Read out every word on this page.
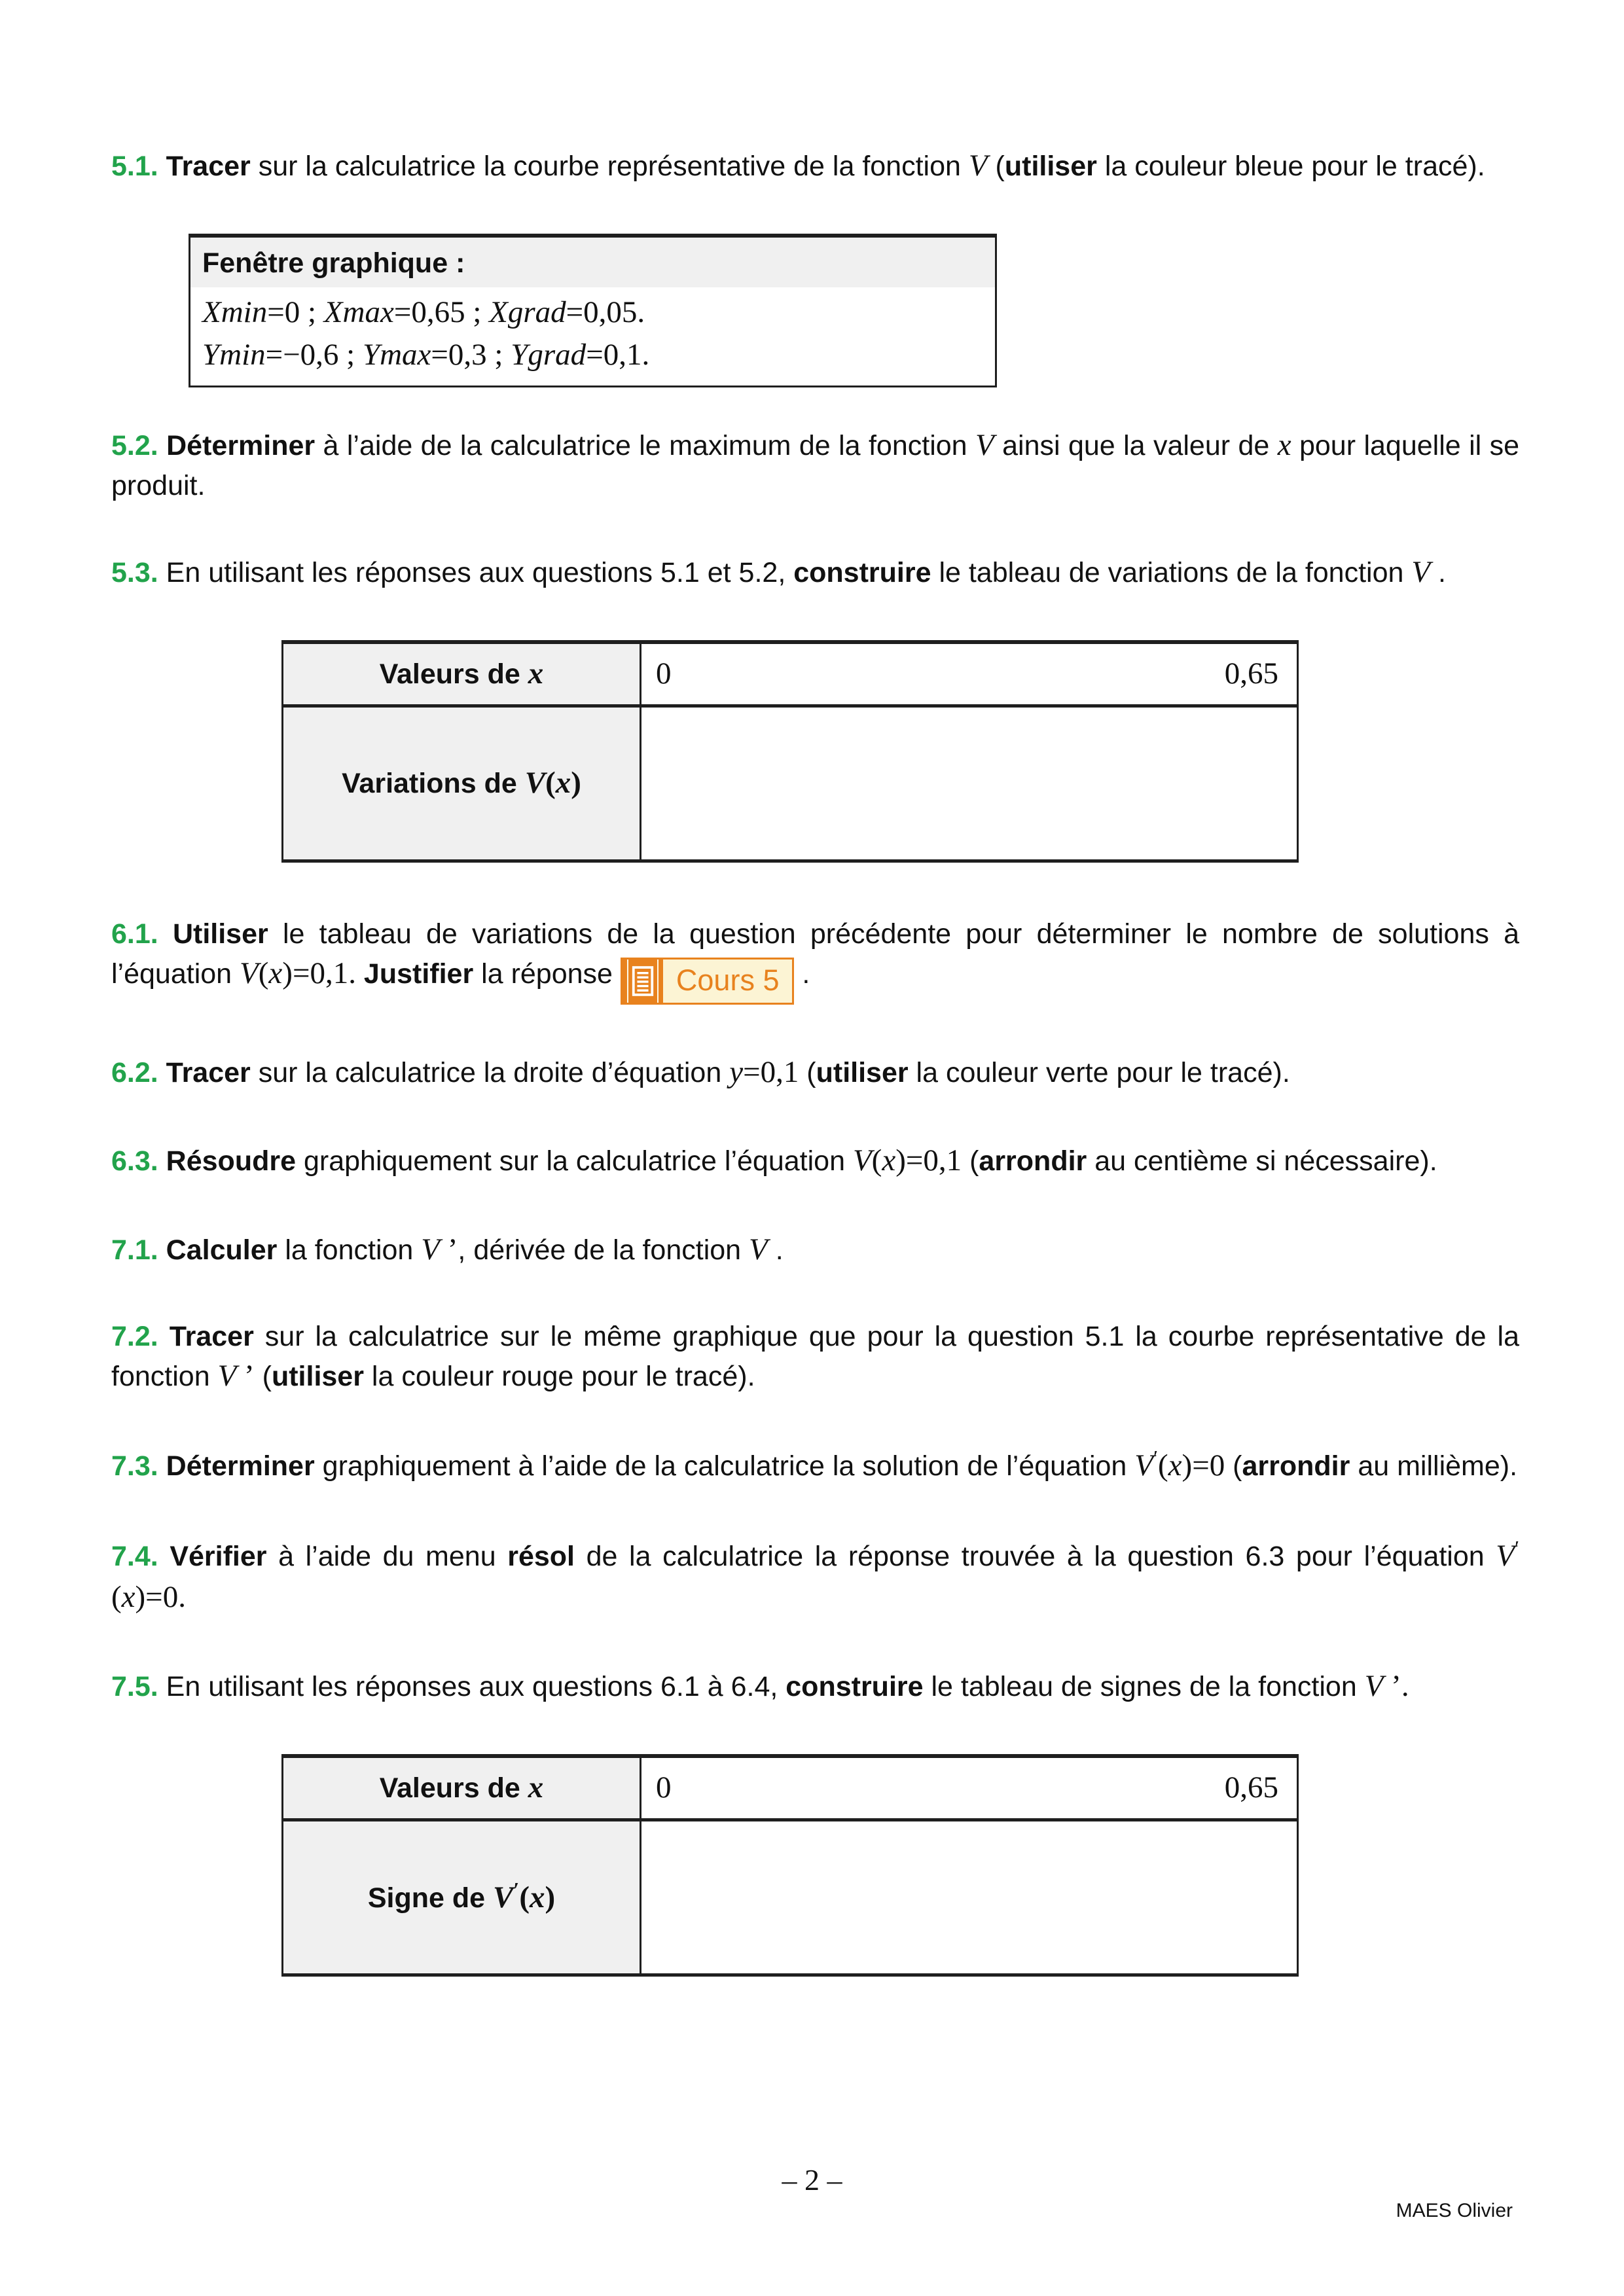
5.1. Tracer sur la calculatrice la courbe représentative de la fonction V (utiliser la couleur bleue pour le tracé).

Fenêtre graphique :
Xmin=0 ; Xmax=0,65 ; Xgrad=0,05.
Ymin=−0,6 ; Ymax=0,3 ; Ygrad=0,1.

5.2. Déterminer à l’aide de la calculatrice le maximum de la fonction V ainsi que la valeur de x pour laquelle il se produit.

5.3. En utilisant les réponses aux questions 5.1 et 5.2, construire le tableau de variations de la fonction V .

Valeurs de x	0 0,65

Variations de V(x)	

6.1. Utiliser le tableau de variations de la question précédente pour déterminer le nombre de solutions à l’équation V(x)=0,1. Justifier la réponse	Cours 5 .

6.2. Tracer sur la calculatrice la droite d’équation y=0,1 (utiliser la couleur verte pour le tracé).

6.3. Résoudre graphiquement sur la calculatrice l’équation V(x)=0,1 (arrondir au centième si nécessaire).

7.1. Calculer la fonction V ’, dérivée de la fonction V .

7.2. Tracer sur la calculatrice sur le même graphique que pour la question 5.1 la courbe représentative de la fonction V ’ (utiliser la couleur rouge pour le tracé).

7.3. Déterminer graphiquement à l’aide de la calculatrice la solution de l’équation V′(x)=0 (arrondir au millième).

7.4. Vérifier à l’aide du menu résol de la calculatrice la réponse trouvée à la question 6.3 pour l’équation V′(x)=0.

7.5. En utilisant les réponses aux questions 6.1 à 6.4, construire le tableau de signes de la fonction V ’.

Valeurs de x	0 0,65

Signe de V′(x)	
– 2 –
MAES Olivier
